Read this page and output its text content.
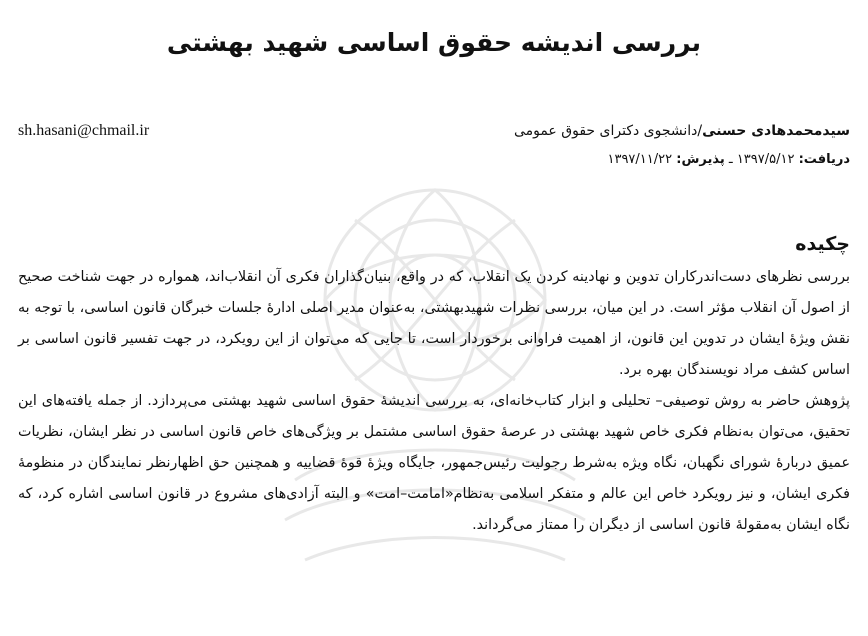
بررسی اندیشه حقوق اساسی شهید بهشتی
sh.hasani@chmail.ir	سیدمحمدهادی حسنی/دانشجوی دکترای حقوق عمومی
دریافت: ۱۳۹۷/۵/۱۲ ـ پذیرش: ۱۳۹۷/۱۱/۲۲
چکیده

بررسی نظرهای دست‌اندرکاران تدوین و نهادینه کردن یک انقلاب، که در واقع، بنیان‌گذاران فکری آن انقلاب‌اند، همواره در جهت شناخت صحیح از اصول آن انقلاب مؤثر است. در این میان، بررسی نظرات شهیدبهشتی، به‌عنوان مدیر اصلی ادارهٔ جلسات خبرگان قانون اساسی، با توجه به نقش ویژهٔ ایشان در تدوین این قانون، از اهمیت فراوانی برخوردار است، تا جایی که می‌توان از این رویکرد، در جهت تفسیر قانون اساسی بر اساس کشف مراد نویسندگان بهره برد.

پژوهش حاضر به روش توصیفی– تحلیلی و ابزار کتاب‌خانه‌ای، به بررسی اندیشهٔ حقوق اساسی شهید بهشتی می‌پردازد. از جمله یافته‌های این تحقیق، می‌توان به‌نظام فکری خاص شهید بهشتی در عرصهٔ حقوق اساسی مشتمل بر ویژگی‌های خاص قانون اساسی در نظر ایشان، نظریات عمیق دربارهٔ شورای نگهبان، نگاه ویژه به‌شرط رجولیت رئیس‌جمهور، جایگاه ویژهٔ قوهٔ قضاییه و همچنین حق اظهارنظر نمایندگان در منظومهٔ فکری ایشان، و نیز رویکرد خاص این عالم و متفکر اسلامی به‌نظام«امامت–امت» و البته آزادی‌های مشروع در قانون اساسی اشاره کرد، که نگاه ایشان به‌مقولهٔ قانون اساسی از دیگران را ممتاز می‌گرداند.
